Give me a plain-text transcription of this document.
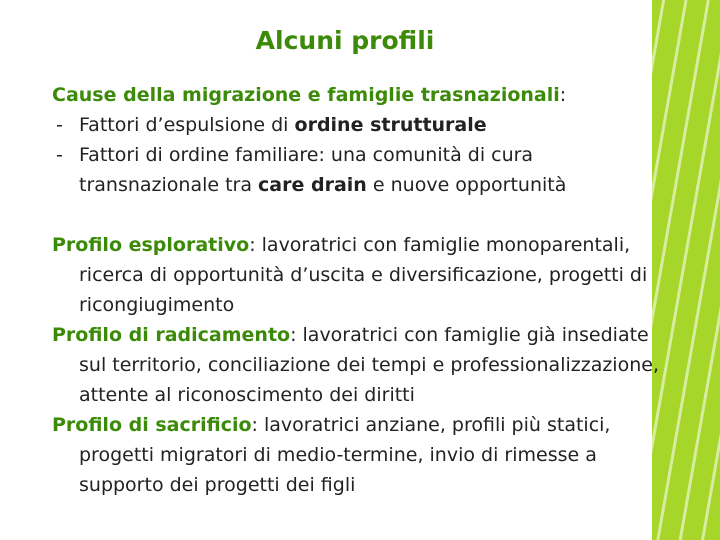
Alcuni profili
Cause della migrazione e famiglie trasnazionali:
- Fattori d’espulsione di ordine strutturale
- Fattori di ordine familiare: una comunità di cura transnazionale tra care drain e nuove opportunità
Profilo esplorativo: lavoratrici con famiglie monoparentali, ricerca di opportunità d’uscita e diversificazione, progetti di ricongiugimento
Profilo di radicamento: lavoratrici con famiglie già insediate sul territorio, conciliazione dei tempi e professionalizzazione, attente al riconoscimento dei diritti
Profilo di sacrificio: lavoratrici anziane, profili più statici, progetti migratori di medio-termine, invio di rimesse a supporto dei progetti dei figli
